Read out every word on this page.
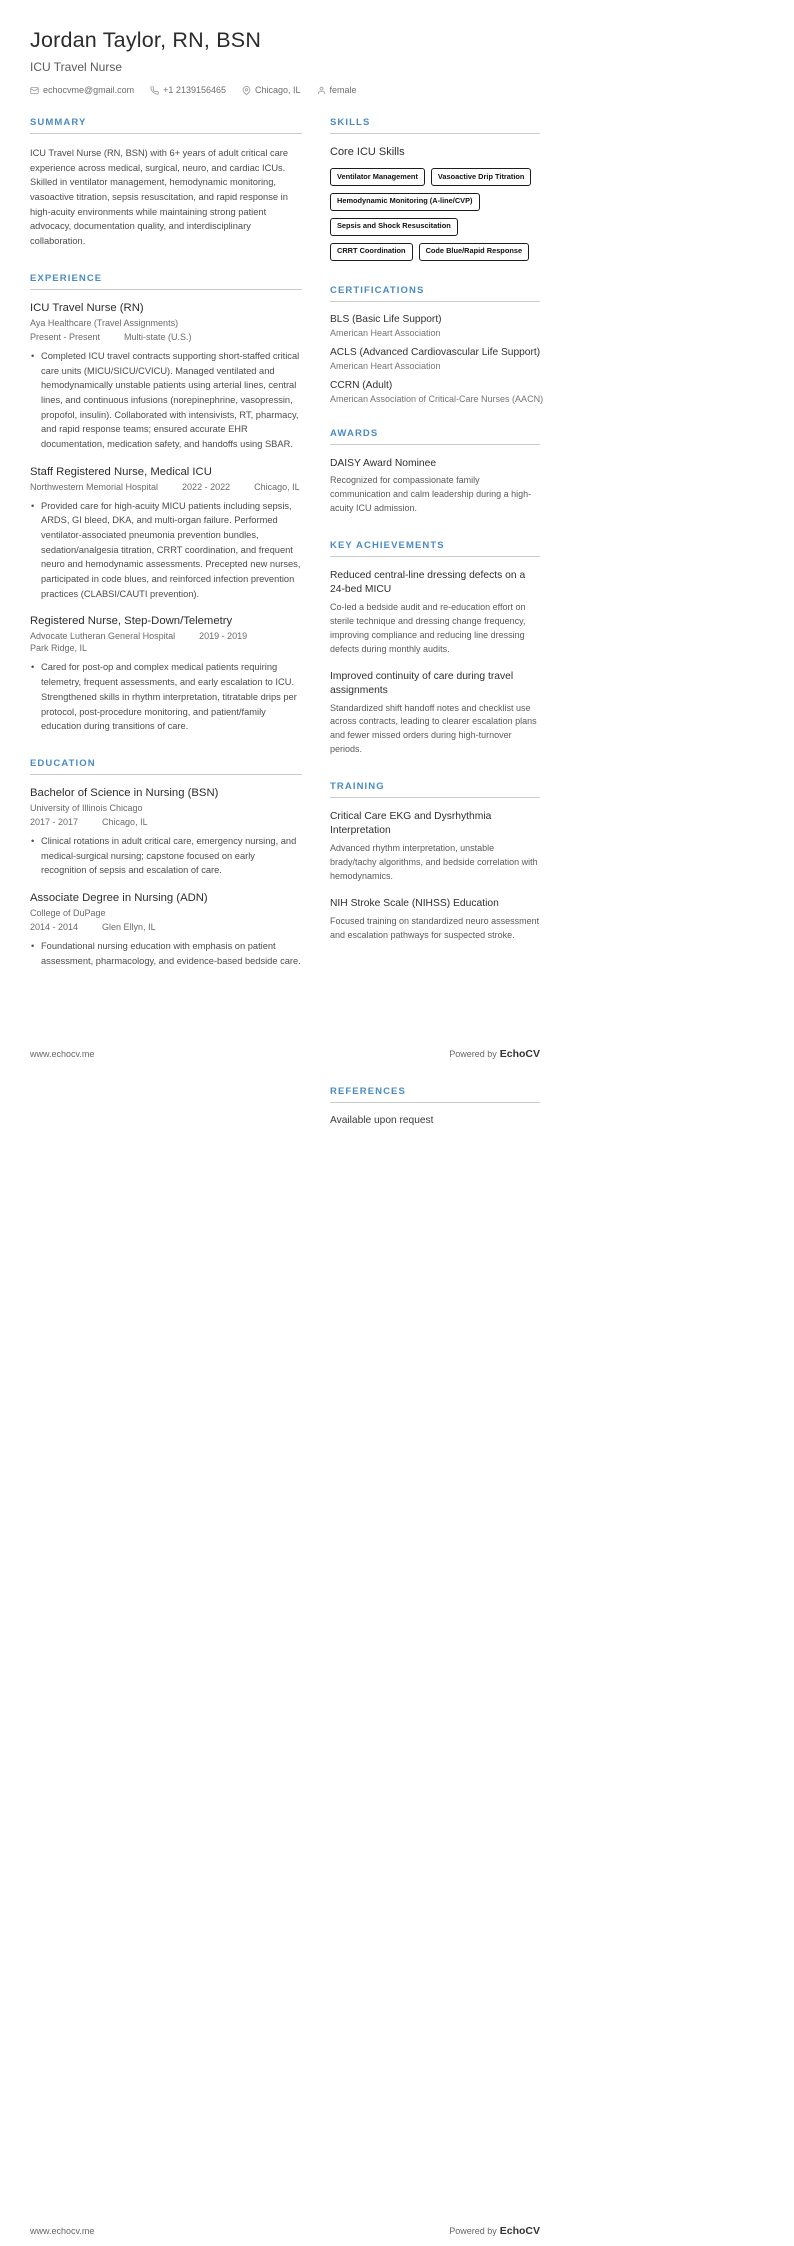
Jordan Taylor, RN, BSN
ICU Travel Nurse
echocvme@gmail.com	+1 2139156465	Chicago, IL	female
SUMMARY

ICU Travel Nurse (RN, BSN) with 6+ years of adult critical care experience across medical, surgical, neuro, and cardiac ICUs. Skilled in ventilator management, hemodynamic monitoring, vasoactive titration, sepsis resuscitation, and rapid response in high-acuity environments while maintaining strong patient advocacy, documentation quality, and interdisciplinary collaboration.

EXPERIENCE
ICU Travel Nurse (RN)
Aya Healthcare (Travel Assignments)
Present - Present	Multi-state (U.S.)
• Completed ICU travel contracts supporting short-staffed critical care units (MICU/SICU/CVICU). Managed ventilated and hemodynamically unstable patients using arterial lines, central lines, and continuous infusions (norepinephrine, vasopressin, propofol, insulin). Collaborated with intensivists, RT, pharmacy, and rapid response teams; ensured accurate EHR documentation, medication safety, and handoffs using SBAR.
Staff Registered Nurse, Medical ICU
Northwestern Memorial Hospital	2022 - 2022	Chicago, IL
• Provided care for high-acuity MICU patients including sepsis, ARDS, GI bleed, DKA, and multi-organ failure. Performed ventilator-associated pneumonia prevention bundles, sedation/analgesia titration, CRRT coordination, and frequent neuro and hemodynamic assessments. Precepted new nurses, participated in code blues, and reinforced infection prevention practices (CLABSI/CAUTI prevention).
Registered Nurse, Step-Down/Telemetry
Advocate Lutheran General Hospital	2019 - 2019
Park Ridge, IL
• Cared for post-op and complex medical patients requiring telemetry, frequent assessments, and early escalation to ICU. Strengthened skills in rhythm interpretation, titratable drips per protocol, post-procedure monitoring, and patient/family education during transitions of care.
EDUCATION
Bachelor of Science in Nursing (BSN)
University of Illinois Chicago
2017 - 2017	Chicago, IL
• Clinical rotations in adult critical care, emergency nursing, and medical-surgical nursing; capstone focused on early recognition of sepsis and escalation of care.
Associate Degree in Nursing (ADN)
College of DuPage
2014 - 2014	Glen Ellyn, IL
• Foundational nursing education with emphasis on patient assessment, pharmacology, and evidence-based bedside care.
SKILLS
Core ICU Skills
Ventilator Management	Vasoactive Drip Titration
Hemodynamic Monitoring (A-line/CVP)
Sepsis and Shock Resuscitation
CRRT Coordination	Code Blue/Rapid Response
CERTIFICATIONS
BLS (Basic Life Support)
American Heart Association
ACLS (Advanced Cardiovascular Life Support)
American Heart Association
CCRN (Adult)
American Association of Critical-Care Nurses (AACN)
AWARDS
DAISY Award Nominee
Recognized for compassionate family communication and calm leadership during a high-acuity ICU admission.
KEY ACHIEVEMENTS
Reduced central-line dressing defects on a 24-bed MICU
Co-led a bedside audit and re-education effort on sterile technique and dressing change frequency, improving compliance and reducing line dressing defects during monthly audits.
Improved continuity of care during travel assignments
Standardized shift handoff notes and checklist use across contracts, leading to clearer escalation plans and fewer missed orders during high-turnover periods.
TRAINING
Critical Care EKG and Dysrhythmia Interpretation
Advanced rhythm interpretation, unstable brady/tachy algorithms, and bedside correlation with hemodynamics.
NIH Stroke Scale (NIHSS) Education
Focused training on standardized neuro assessment and escalation pathways for suspected stroke.
www.echocv.me	Powered by EchoCV
REFERENCES
Available upon request
www.echocv.me	Powered by EchoCV
